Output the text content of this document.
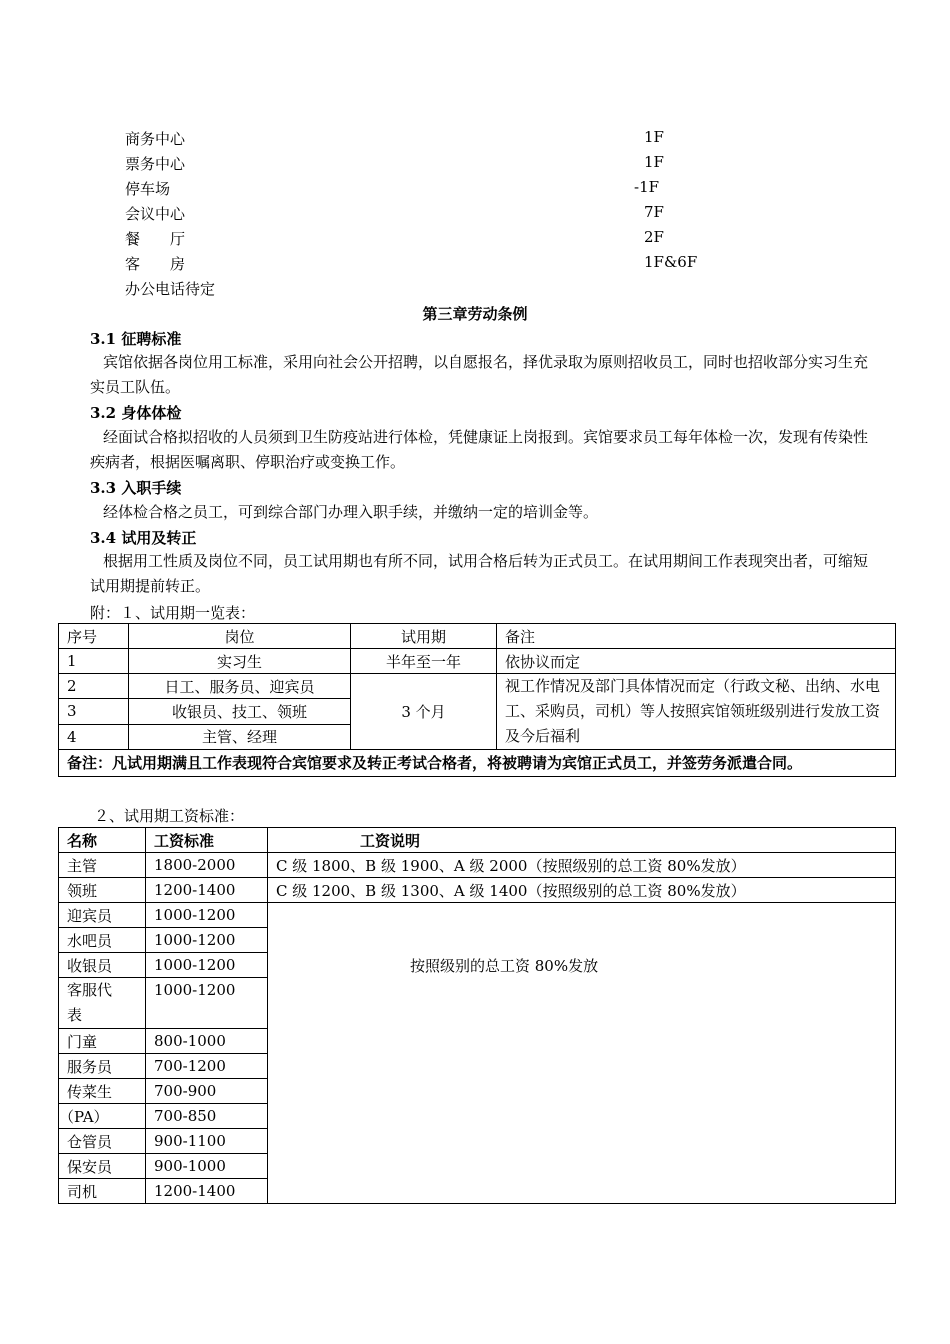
商务中心	1F
票务中心	1F
停车场	-1F
会议中心	7F
餐　　厅	2F
客　　房	1F&6F
办公电话待定
第三章劳动条例
3.1 征聘标准
宾馆依据各岗位用工标准，采用向社会公开招聘，以自愿报名，择优录取为原则招收员工，同时也招收部分实习生充实员工队伍。
3.2 身体体检
经面试合格拟招收的人员须到卫生防疫站进行体检，凭健康证上岗报到。宾馆要求员工每年体检一次，发现有传染性疾病者，根据医嘱离职、停职治疗或变换工作。
3.3 入职手续
经体检合格之员工，可到综合部门办理入职手续，并缴纳一定的培训金等。
3.4 试用及转正
根据用工性质及岗位不同，员工试用期也有所不同，试用合格后转为正式员工。在试用期间工作表现突出者，可缩短试用期提前转正。
附：１、试用期一览表：
序号	岗位	试用期	备注
1	实习生	半年至一年	依协议而定
2	日工、服务员、迎宾员	3 个月	视工作情况及部门具体情况而定（行政文秘、出纳、水电工、采购员，司机）等人按照宾馆领班级别进行发放工资及今后福利
3	收银员、技工、领班		
4	主管、经理		
备注：凡试用期满且工作表现符合宾馆要求及转正考试合格者，将被聘请为宾馆正式员工，并签劳务派遣合同。			
２、试用期工资标准：
名称	工资标准	工资说明
主管	1800-2000	C 级 1800、B 级 1900、A 级 2000（按照级别的总工资 80%发放）
领班	1200-1400	C 级 1200、B 级 1300、A 级 1400（按照级别的总工资 80%发放）
迎宾员	1000-1200	按照级别的总工资 80%发放
水吧员	1000-1200	
收银员	1000-1200	
客服代表	1000-1200	
门童	800-1000	
服务员	700-1200	
传菜生	700-900	
（PA）	700-850	
仓管员	900-1100	
保安员	900-1000	
司机	1200-1400	
